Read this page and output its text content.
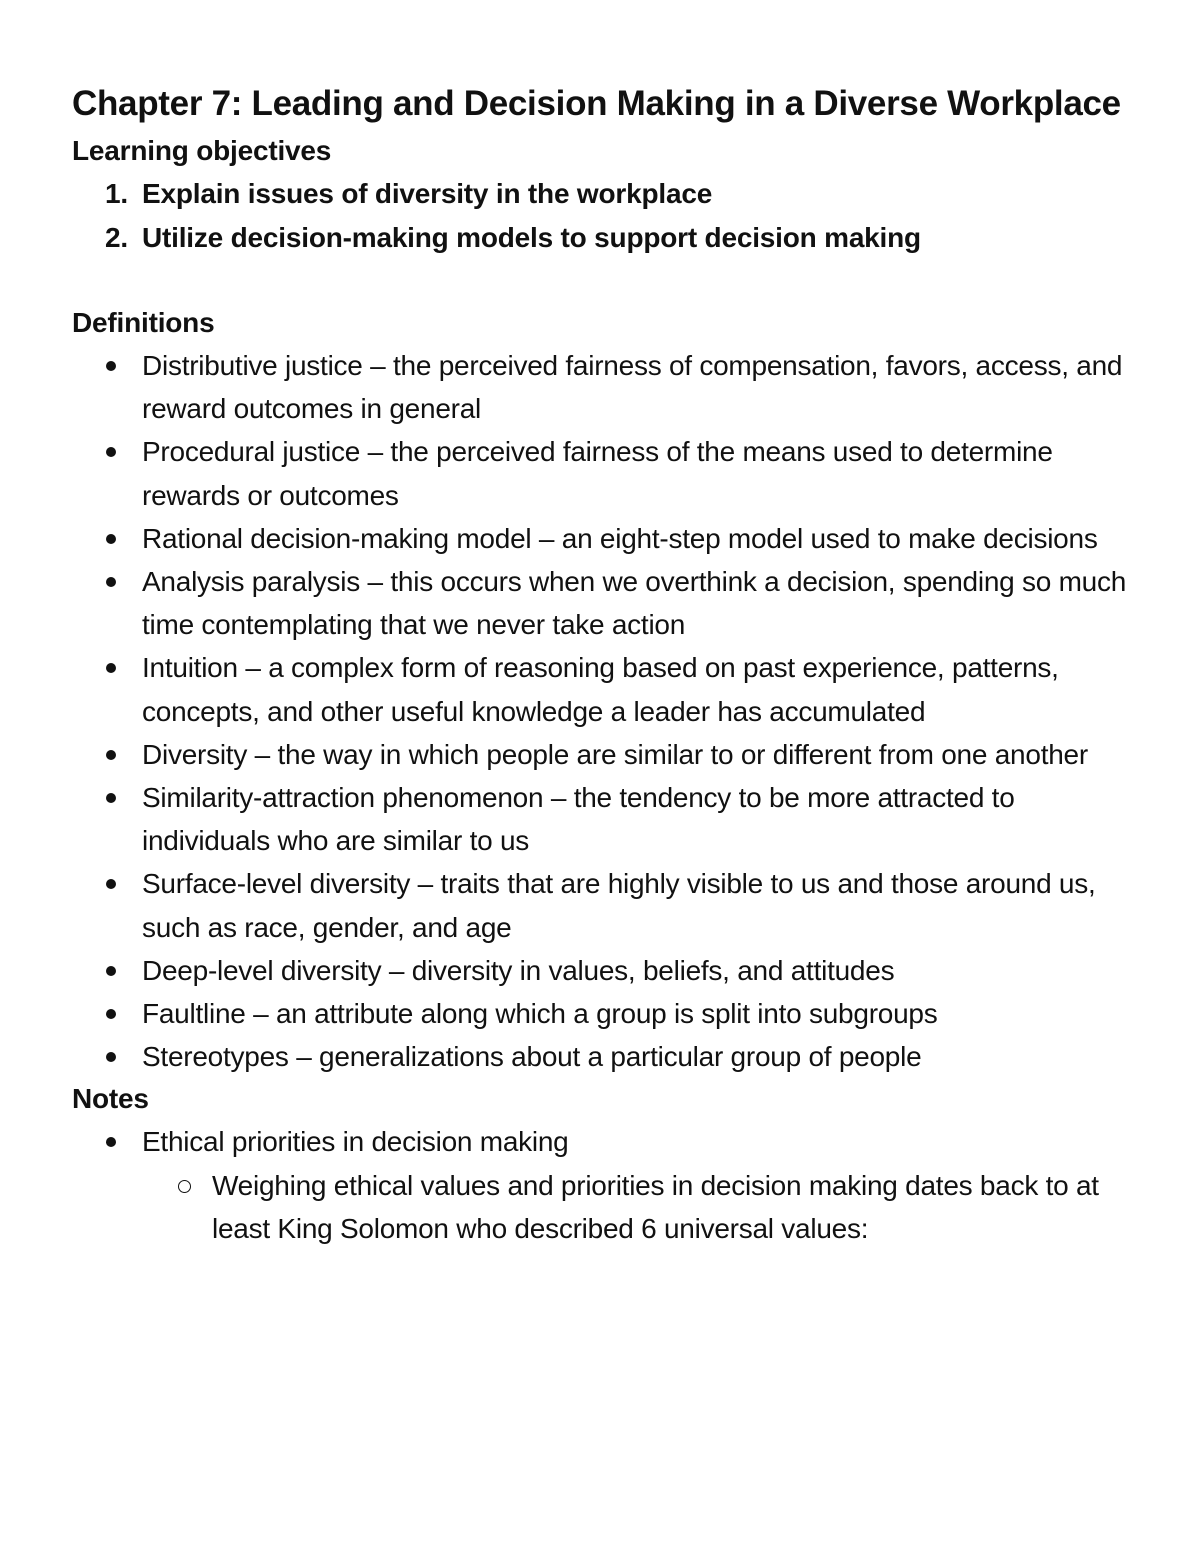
Chapter 7: Leading and Decision Making in a Diverse Workplace
Learning objectives
1. Explain issues of diversity in the workplace
2. Utilize decision-making models to support decision making
Definitions
Distributive justice – the perceived fairness of compensation, favors, access, and reward outcomes in general
Procedural justice – the perceived fairness of the means used to determine rewards or outcomes
Rational decision-making model – an eight-step model used to make decisions
Analysis paralysis – this occurs when we overthink a decision, spending so much time contemplating that we never take action
Intuition – a complex form of reasoning based on past experience, patterns, concepts, and other useful knowledge a leader has accumulated
Diversity – the way in which people are similar to or different from one another
Similarity-attraction phenomenon – the tendency to be more attracted to individuals who are similar to us
Surface-level diversity – traits that are highly visible to us and those around us, such as race, gender, and age
Deep-level diversity – diversity in values, beliefs, and attitudes
Faultline – an attribute along which a group is split into subgroups
Stereotypes – generalizations about a particular group of people
Notes
Ethical priorities in decision making
Weighing ethical values and priorities in decision making dates back to at least King Solomon who described 6 universal values:
